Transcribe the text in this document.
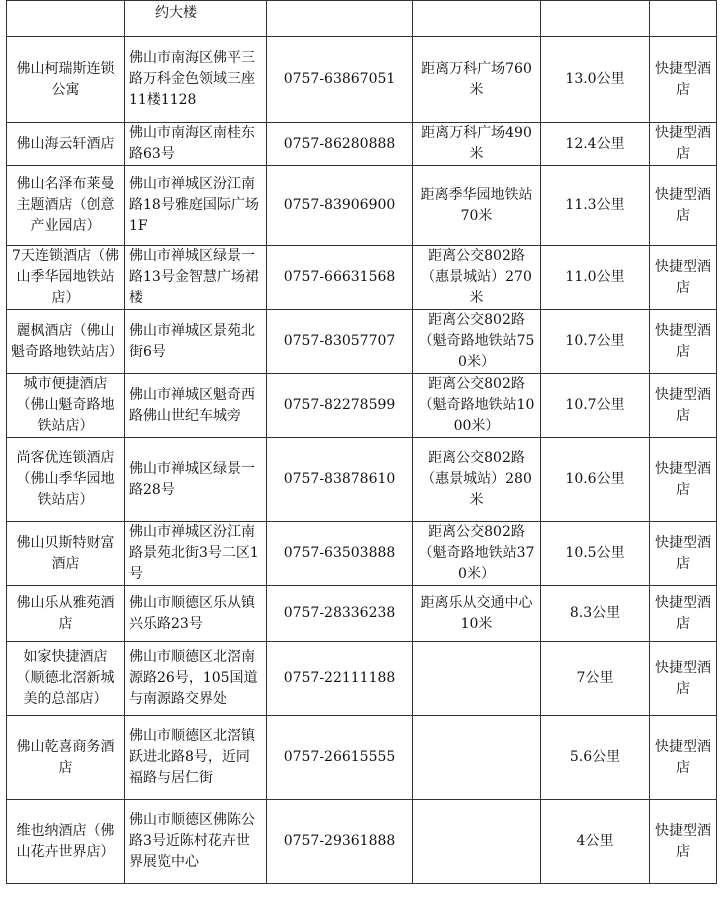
	约大楼				
佛山柯瑞斯连锁公寓	佛山市南海区佛平三路万科金色领域三座11楼1128	0757-63867051	距离万科广场760米	13.0公里	快捷型酒店
佛山海云轩酒店	佛山市南海区南桂东路63号	0757-86280888	距离万科广场490米	12.4公里	快捷型酒店
佛山名泽布莱曼主题酒店（创意产业园店）	佛山市禅城区汾江南路18号雅庭国际广场1F	0757-83906900	距离季华园地铁站70米	11.3公里	快捷型酒店
7天连锁酒店（佛山季华园地铁站店）	佛山市禅城区绿景一路13号金智慧广场裙楼	0757-66631568	距离公交802路（惠景城站）270米	11.0公里	快捷型酒店
麗枫酒店（佛山魁奇路地铁站店）	佛山市禅城区景苑北街6号	0757-83057707	距离公交802路（魁奇路地铁站750米）	10.7公里	快捷型酒店
城市便捷酒店（佛山魁奇路地铁站店）	佛山市禅城区魁奇西路佛山世纪车城旁	0757-82278599	距离公交802路（魁奇路地铁站1000米）	10.7公里	快捷型酒店
尚客优连锁酒店（佛山季华园地铁站店）	佛山市禅城区绿景一路28号	0757-83878610	距离公交802路（惠景城站）280米	10.6公里	快捷型酒店
佛山贝斯特财富酒店	佛山市禅城区汾江南路景苑北街3号二区1号	0757-63503888	距离公交802路（魁奇路地铁站370米）	10.5公里	快捷型酒店
佛山乐从雅苑酒店	佛山市顺德区乐从镇兴乐路23号	0757-28336238	距离乐从交通中心10米	8.3公里	快捷型酒店
如家快捷酒店（顺德北滘新城美的总部店）	佛山市顺德区北滘南源路26号，105国道与南源路交界处	0757-22111188		7公里	快捷型酒店
佛山乾喜商务酒店	佛山市顺德区北滘镇跃进北路8号，近同福路与居仁街	0757-26615555		5.6公里	快捷型酒店
维也纳酒店（佛山花卉世界店）	佛山市顺德区佛陈公路3号近陈村花卉世界展览中心	0757-29361888		4公里	快捷型酒店
